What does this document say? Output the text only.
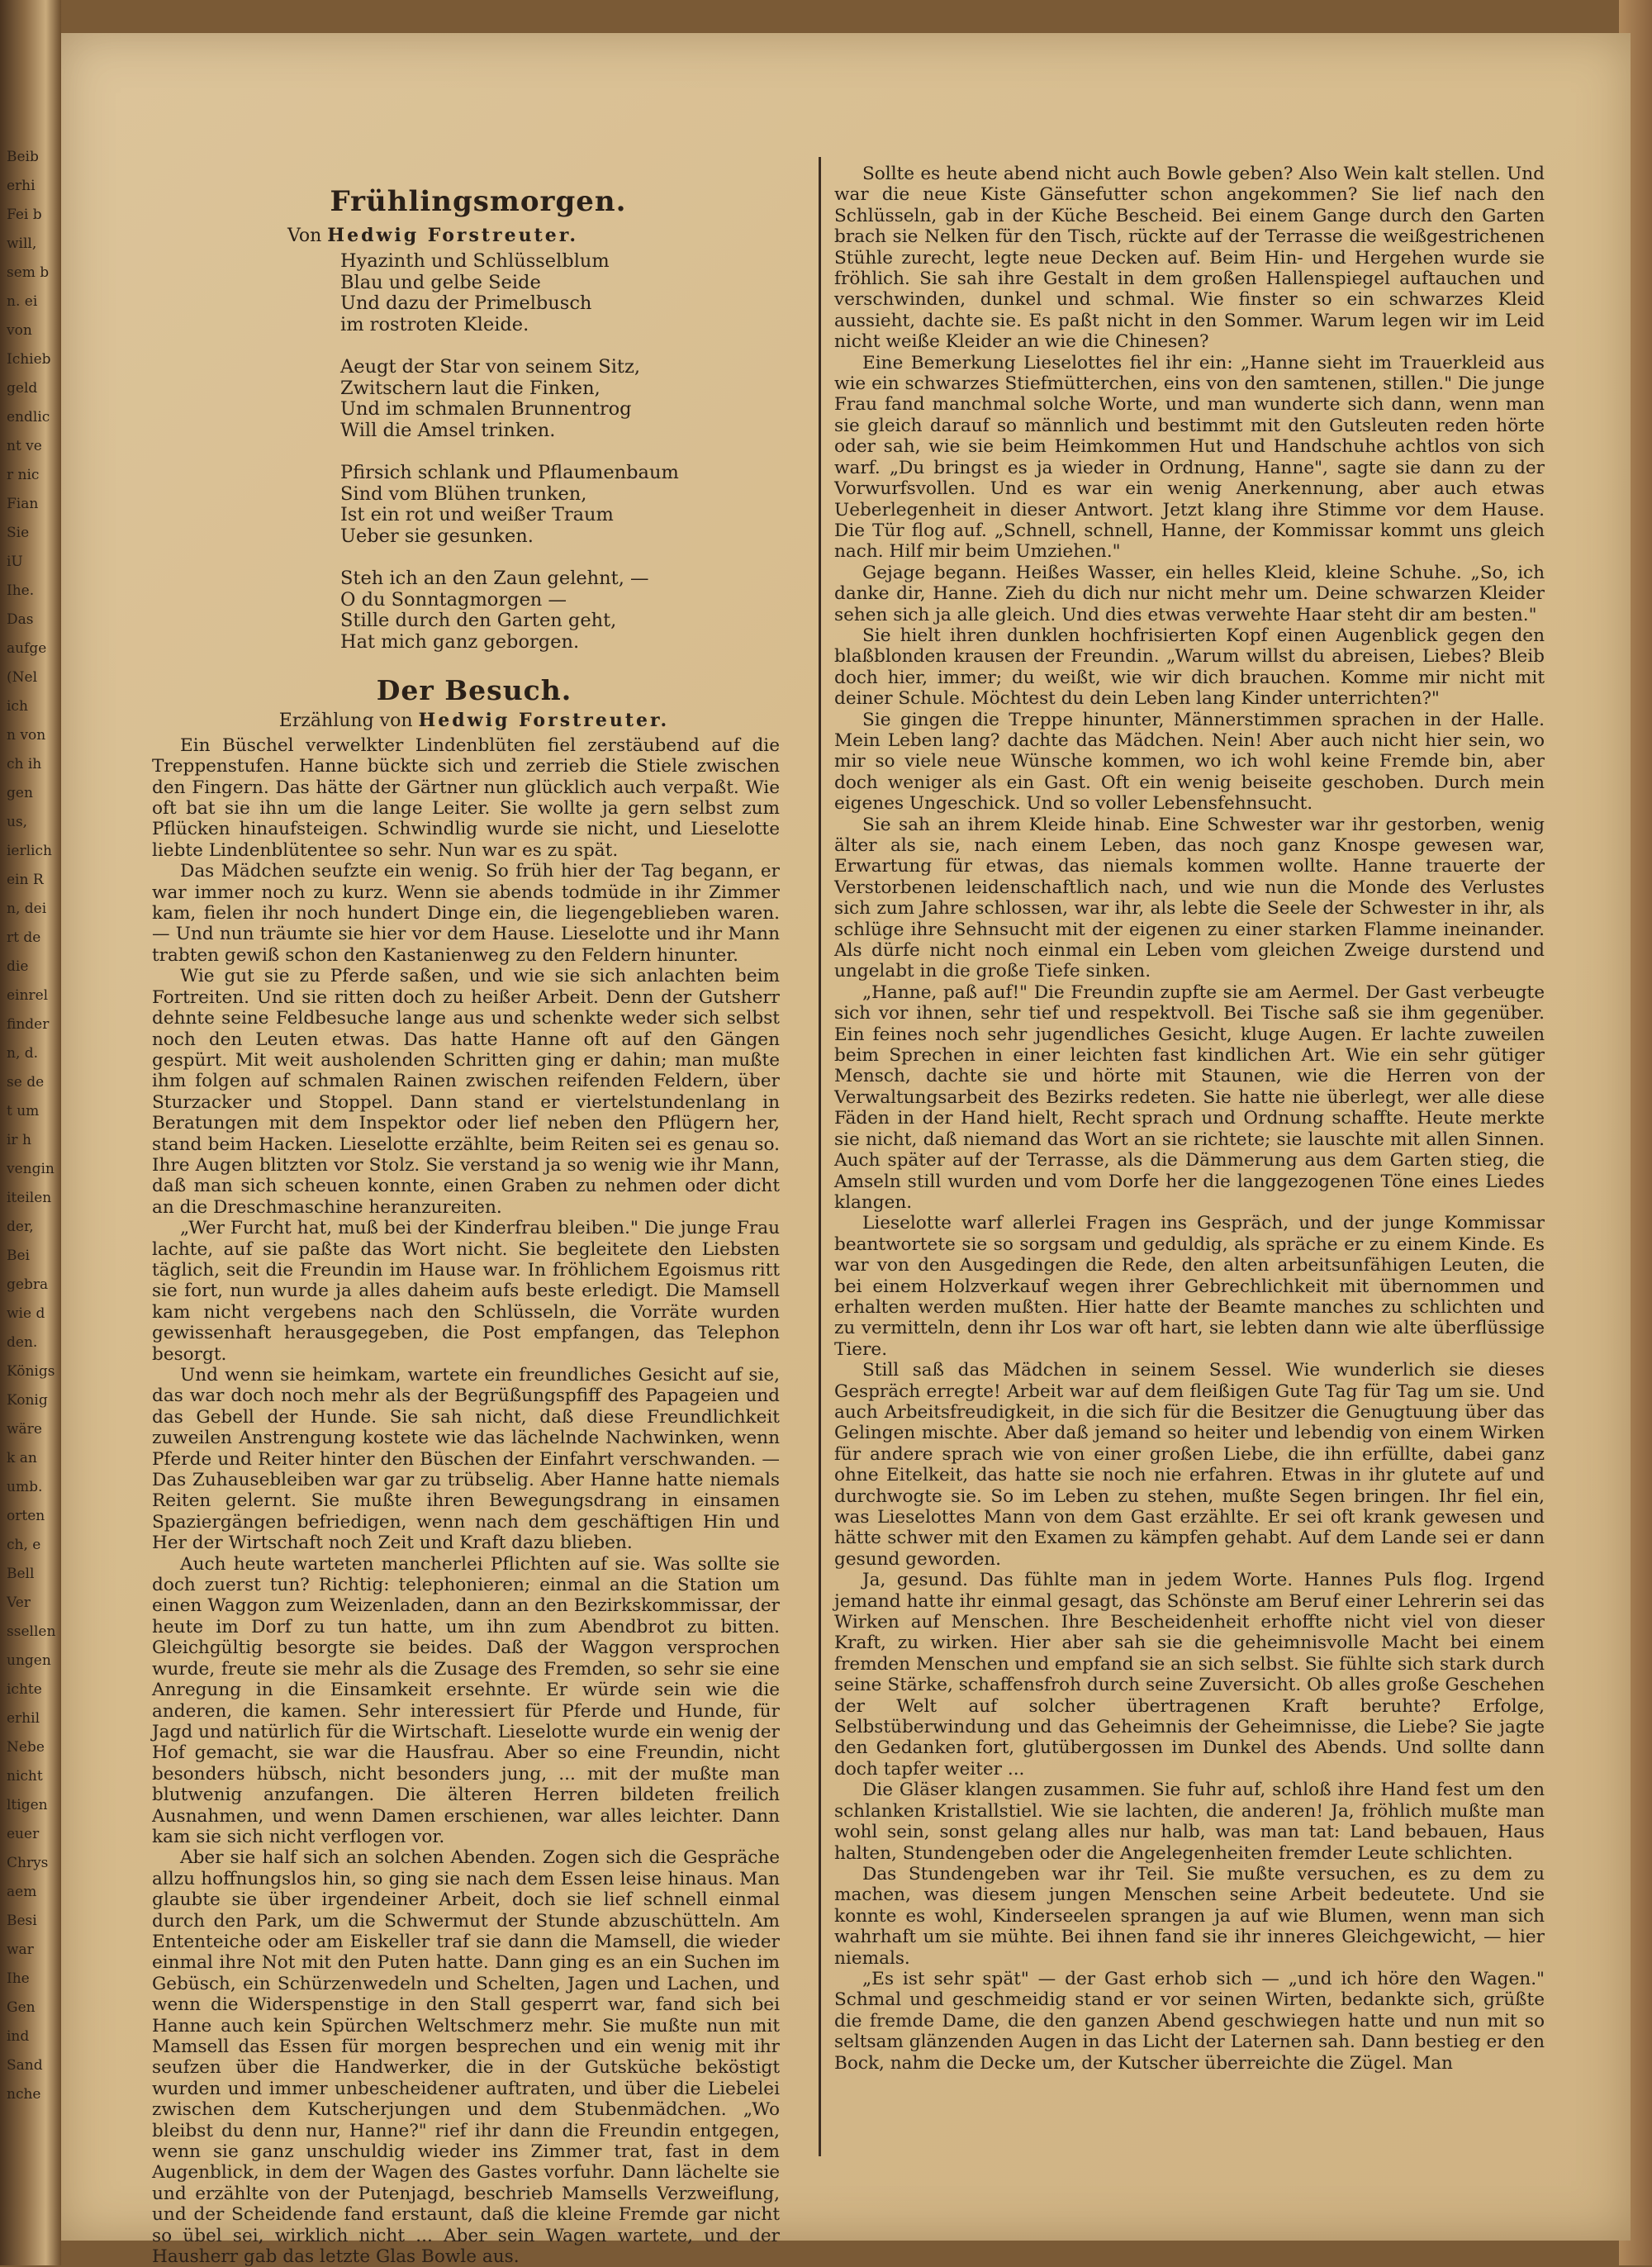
Beib
erhi
Fei b
will,
sem b
n. ei
von
Ichieb
geld
endlic
nt ve
r nic
Fian
Sie
iU
Ihe.
Das
aufge
(Nel
ich
n von
ch ih
gen
us,
ierlich
ein R
n, dei
rt de
die
einrel
finder
n, d.
se de
t um
ir h
vengin
iteilen
der,
Bei
gebra
wie d
den.
Königs
Konig
wäre
k an
umb.
orten
ch, e
Bell
Ver
ssellen
ungen
ichte
erhil
Nebe
nicht
ltigen
euer
Chrys
aem
Besi
war
Ihe
Gen
ind
Sand
nche
Frühlingsmorgen.
Von Hedwig Forstreuter.
Hyazinth und Schlüsselblum
Blau und gelbe Seide
Und dazu der Primelbusch
im rostroten Kleide.
Aeugt der Star von seinem Sitz,
Zwitschern laut die Finken,
Und im schmalen Brunnentrog
Will die Amsel trinken.
Pfirsich schlank und Pflaumenbaum
Sind vom Blühen trunken,
Ist ein rot und weißer Traum
Ueber sie gesunken.
Steh ich an den Zaun gelehnt, —
O du Sonntagmorgen —
Stille durch den Garten geht,
Hat mich ganz geborgen.
Der Besuch.
Erzählung von Hedwig Forstreuter.

Ein Büschel verwelkter Lindenblüten fiel zerstäubend auf die Treppenstufen. Hanne bückte sich und zerrieb die Stiele zwischen den Fingern. Das hätte der Gärtner nun glücklich auch verpaßt. Wie oft bat sie ihn um die lange Leiter. Sie wollte ja gern selbst zum Pflücken hinaufsteigen. Schwindlig wurde sie nicht, und Lieselotte liebte Lindenblütentee so sehr. Nun war es zu spät.

Das Mädchen seufzte ein wenig. So früh hier der Tag begann, er war immer noch zu kurz. Wenn sie abends todmüde in ihr Zimmer kam, fielen ihr noch hundert Dinge ein, die liegengeblieben waren. — Und nun träumte sie hier vor dem Hause. Lieselotte und ihr Mann trabten gewiß schon den Kastanienweg zu den Feldern hinunter.

Wie gut sie zu Pferde saßen, und wie sie sich anlachten beim Fortreiten. Und sie ritten doch zu heißer Arbeit. Denn der Gutsherr dehnte seine Feldbesuche lange aus und schenkte weder sich selbst noch den Leuten etwas. Das hatte Hanne oft auf den Gängen gespürt. Mit weit ausholenden Schritten ging er dahin; man mußte ihm folgen auf schmalen Rainen zwischen reifenden Feldern, über Sturzacker und Stoppel. Dann stand er viertelstundenlang in Beratungen mit dem Inspektor oder lief neben den Pflügern her, stand beim Hacken. Lieselotte erzählte, beim Reiten sei es genau so. Ihre Augen blitzten vor Stolz. Sie verstand ja so wenig wie ihr Mann, daß man sich scheuen konnte, einen Graben zu nehmen oder dicht an die Dreschmaschine heranzureiten.

„Wer Furcht hat, muß bei der Kinderfrau bleiben." Die junge Frau lachte, auf sie paßte das Wort nicht. Sie begleitete den Liebsten täglich, seit die Freundin im Hause war. In fröhlichem Egoismus ritt sie fort, nun wurde ja alles daheim aufs beste erledigt. Die Mamsell kam nicht vergebens nach den Schlüsseln, die Vorräte wurden gewissenhaft herausgegeben, die Post empfangen, das Telephon besorgt.

Und wenn sie heimkam, wartete ein freundliches Gesicht auf sie, das war doch noch mehr als der Begrüßungspfiff des Papageien und das Gebell der Hunde. Sie sah nicht, daß diese Freundlichkeit zuweilen Anstrengung kostete wie das lächelnde Nachwinken, wenn Pferde und Reiter hinter den Büschen der Einfahrt verschwanden. — Das Zuhausebleiben war gar zu trübselig. Aber Hanne hatte niemals Reiten gelernt. Sie mußte ihren Bewegungsdrang in einsamen Spaziergängen befriedigen, wenn nach dem geschäftigen Hin und Her der Wirtschaft noch Zeit und Kraft dazu blieben.

Auch heute warteten mancherlei Pflichten auf sie. Was sollte sie doch zuerst tun? Richtig: telephonieren; einmal an die Station um einen Waggon zum Weizenladen, dann an den Bezirkskommissar, der heute im Dorf zu tun hatte, um ihn zum Abendbrot zu bitten. Gleichgültig besorgte sie beides. Daß der Waggon versprochen wurde, freute sie mehr als die Zusage des Fremden, so sehr sie eine Anregung in die Einsamkeit ersehnte. Er würde sein wie die anderen, die kamen. Sehr interessiert für Pferde und Hunde, für Jagd und natürlich für die Wirtschaft. Lieselotte wurde ein wenig der Hof gemacht, sie war die Hausfrau. Aber so eine Freundin, nicht besonders hübsch, nicht besonders jung, ... mit der mußte man blutwenig anzufangen. Die älteren Herren bildeten freilich Ausnahmen, und wenn Damen erschienen, war alles leichter. Dann kam sie sich nicht verflogen vor.

Aber sie half sich an solchen Abenden. Zogen sich die Gespräche allzu hoffnungslos hin, so ging sie nach dem Essen leise hinaus. Man glaubte sie über irgendeiner Arbeit, doch sie lief schnell einmal durch den Park, um die Schwermut der Stunde abzuschütteln. Am Ententeiche oder am Eiskeller traf sie dann die Mamsell, die wieder einmal ihre Not mit den Puten hatte. Dann ging es an ein Suchen im Gebüsch, ein Schürzenwedeln und Schelten, Jagen und Lachen, und wenn die Widerspenstige in den Stall gesperrt war, fand sich bei Hanne auch kein Spürchen Weltschmerz mehr. Sie mußte nun mit Mamsell das Essen für morgen besprechen und ein wenig mit ihr seufzen über die Handwerker, die in der Gutsküche beköstigt wurden und immer unbescheidener auftraten, und über die Liebelei zwischen dem Kutscherjungen und dem Stubenmädchen. „Wo bleibst du denn nur, Hanne?" rief ihr dann die Freundin entgegen, wenn sie ganz unschuldig wieder ins Zimmer trat, fast in dem Augenblick, in dem der Wagen des Gastes vorfuhr. Dann lächelte sie und erzählte von der Putenjagd, beschrieb Mamsells Verzweiflung, und der Scheidende fand erstaunt, daß die kleine Fremde gar nicht so übel sei, wirklich nicht ... Aber sein Wagen wartete, und der Hausherr gab das letzte Glas Bowle aus.

Sollte es heute abend nicht auch Bowle geben? Also Wein kalt stellen. Und war die neue Kiste Gänsefutter schon angekommen? Sie lief nach den Schlüsseln, gab in der Küche Bescheid. Bei einem Gange durch den Garten brach sie Nelken für den Tisch, rückte auf der Terrasse die weißgestrichenen Stühle zurecht, legte neue Decken auf. Beim Hin- und Hergehen wurde sie fröhlich. Sie sah ihre Gestalt in dem großen Hallenspiegel auftauchen und verschwinden, dunkel und schmal. Wie finster so ein schwarzes Kleid aussieht, dachte sie. Es paßt nicht in den Sommer. Warum legen wir im Leid nicht weiße Kleider an wie die Chinesen?

Eine Bemerkung Lieselottes fiel ihr ein: „Hanne sieht im Trauerkleid aus wie ein schwarzes Stiefmütterchen, eins von den samtenen, stillen." Die junge Frau fand manchmal solche Worte, und man wunderte sich dann, wenn man sie gleich darauf so männlich und bestimmt mit den Gutsleuten reden hörte oder sah, wie sie beim Heimkommen Hut und Handschuhe achtlos von sich warf. „Du bringst es ja wieder in Ordnung, Hanne", sagte sie dann zu der Vorwurfsvollen. Und es war ein wenig Anerkennung, aber auch etwas Ueberlegenheit in dieser Antwort. Jetzt klang ihre Stimme vor dem Hause. Die Tür flog auf. „Schnell, schnell, Hanne, der Kommissar kommt uns gleich nach. Hilf mir beim Umziehen."

Gejage begann. Heißes Wasser, ein helles Kleid, kleine Schuhe. „So, ich danke dir, Hanne. Zieh du dich nur nicht mehr um. Deine schwarzen Kleider sehen sich ja alle gleich. Und dies etwas verwehte Haar steht dir am besten."

Sie hielt ihren dunklen hochfrisierten Kopf einen Augenblick gegen den blaßblonden krausen der Freundin. „Warum willst du abreisen, Liebes? Bleib doch hier, immer; du weißt, wie wir dich brauchen. Komme mir nicht mit deiner Schule. Möchtest du dein Leben lang Kinder unterrichten?"

Sie gingen die Treppe hinunter, Männerstimmen sprachen in der Halle. Mein Leben lang? dachte das Mädchen. Nein! Aber auch nicht hier sein, wo mir so viele neue Wünsche kommen, wo ich wohl keine Fremde bin, aber doch weniger als ein Gast. Oft ein wenig beiseite geschoben. Durch mein eigenes Ungeschick. Und so voller Lebensfehnsucht.

Sie sah an ihrem Kleide hinab. Eine Schwester war ihr gestorben, wenig älter als sie, nach einem Leben, das noch ganz Knospe gewesen war, Erwartung für etwas, das niemals kommen wollte. Hanne trauerte der Verstorbenen leidenschaftlich nach, und wie nun die Monde des Verlustes sich zum Jahre schlossen, war ihr, als lebte die Seele der Schwester in ihr, als schlüge ihre Sehnsucht mit der eigenen zu einer starken Flamme ineinander. Als dürfe nicht noch einmal ein Leben vom gleichen Zweige durstend und ungelabt in die große Tiefe sinken.

„Hanne, paß auf!" Die Freundin zupfte sie am Aermel. Der Gast verbeugte sich vor ihnen, sehr tief und respektvoll. Bei Tische saß sie ihm gegenüber. Ein feines noch sehr jugendliches Gesicht, kluge Augen. Er lachte zuweilen beim Sprechen in einer leichten fast kindlichen Art. Wie ein sehr gütiger Mensch, dachte sie und hörte mit Staunen, wie die Herren von der Verwaltungsarbeit des Bezirks redeten. Sie hatte nie überlegt, wer alle diese Fäden in der Hand hielt, Recht sprach und Ordnung schaffte. Heute merkte sie nicht, daß niemand das Wort an sie richtete; sie lauschte mit allen Sinnen. Auch später auf der Terrasse, als die Dämmerung aus dem Garten stieg, die Amseln still wurden und vom Dorfe her die langgezogenen Töne eines Liedes klangen.

Lieselotte warf allerlei Fragen ins Gespräch, und der junge Kommissar beantwortete sie so sorgsam und geduldig, als spräche er zu einem Kinde. Es war von den Ausgedingen die Rede, den alten arbeitsunfähigen Leuten, die bei einem Holzverkauf wegen ihrer Gebrechlichkeit mit übernommen und erhalten werden mußten. Hier hatte der Beamte manches zu schlichten und zu vermitteln, denn ihr Los war oft hart, sie lebten dann wie alte überflüssige Tiere.

Still saß das Mädchen in seinem Sessel. Wie wunderlich sie dieses Gespräch erregte! Arbeit war auf dem fleißigen Gute Tag für Tag um sie. Und auch Arbeitsfreudigkeit, in die sich für die Besitzer die Genugtuung über das Gelingen mischte. Aber daß jemand so heiter und lebendig von einem Wirken für andere sprach wie von einer großen Liebe, die ihn erfüllte, dabei ganz ohne Eitelkeit, das hatte sie noch nie erfahren. Etwas in ihr glutete auf und durchwogte sie. So im Leben zu stehen, mußte Segen bringen. Ihr fiel ein, was Lieselottes Mann von dem Gast erzählte. Er sei oft krank gewesen und hätte schwer mit den Examen zu kämpfen gehabt. Auf dem Lande sei er dann gesund geworden.

Ja, gesund. Das fühlte man in jedem Worte. Hannes Puls flog. Irgend jemand hatte ihr einmal gesagt, das Schönste am Beruf einer Lehrerin sei das Wirken auf Menschen. Ihre Bescheidenheit erhoffte nicht viel von dieser Kraft, zu wirken. Hier aber sah sie die geheimnisvolle Macht bei einem fremden Menschen und empfand sie an sich selbst. Sie fühlte sich stark durch seine Stärke, schaffensfroh durch seine Zuversicht. Ob alles große Geschehen der Welt auf solcher übertragenen Kraft beruhte? Erfolge, Selbstüberwindung und das Geheimnis der Geheimnisse, die Liebe? Sie jagte den Gedanken fort, glutübergossen im Dunkel des Abends. Und sollte dann doch tapfer weiter ...

Die Gläser klangen zusammen. Sie fuhr auf, schloß ihre Hand fest um den schlanken Kristallstiel. Wie sie lachten, die anderen! Ja, fröhlich mußte man wohl sein, sonst gelang alles nur halb, was man tat: Land bebauen, Haus halten, Stundengeben oder die Angelegenheiten fremder Leute schlichten.

Das Stundengeben war ihr Teil. Sie mußte versuchen, es zu dem zu machen, was diesem jungen Menschen seine Arbeit bedeutete. Und sie konnte es wohl, Kinderseelen sprangen ja auf wie Blumen, wenn man sich wahrhaft um sie mühte. Bei ihnen fand sie ihr inneres Gleichgewicht, — hier niemals.

„Es ist sehr spät" — der Gast erhob sich — „und ich höre den Wagen." Schmal und geschmeidig stand er vor seinen Wirten, bedankte sich, grüßte die fremde Dame, die den ganzen Abend geschwiegen hatte und nun mit so seltsam glänzenden Augen in das Licht der Laternen sah. Dann bestieg er den Bock, nahm die Decke um, der Kutscher überreichte die Zügel. Man
